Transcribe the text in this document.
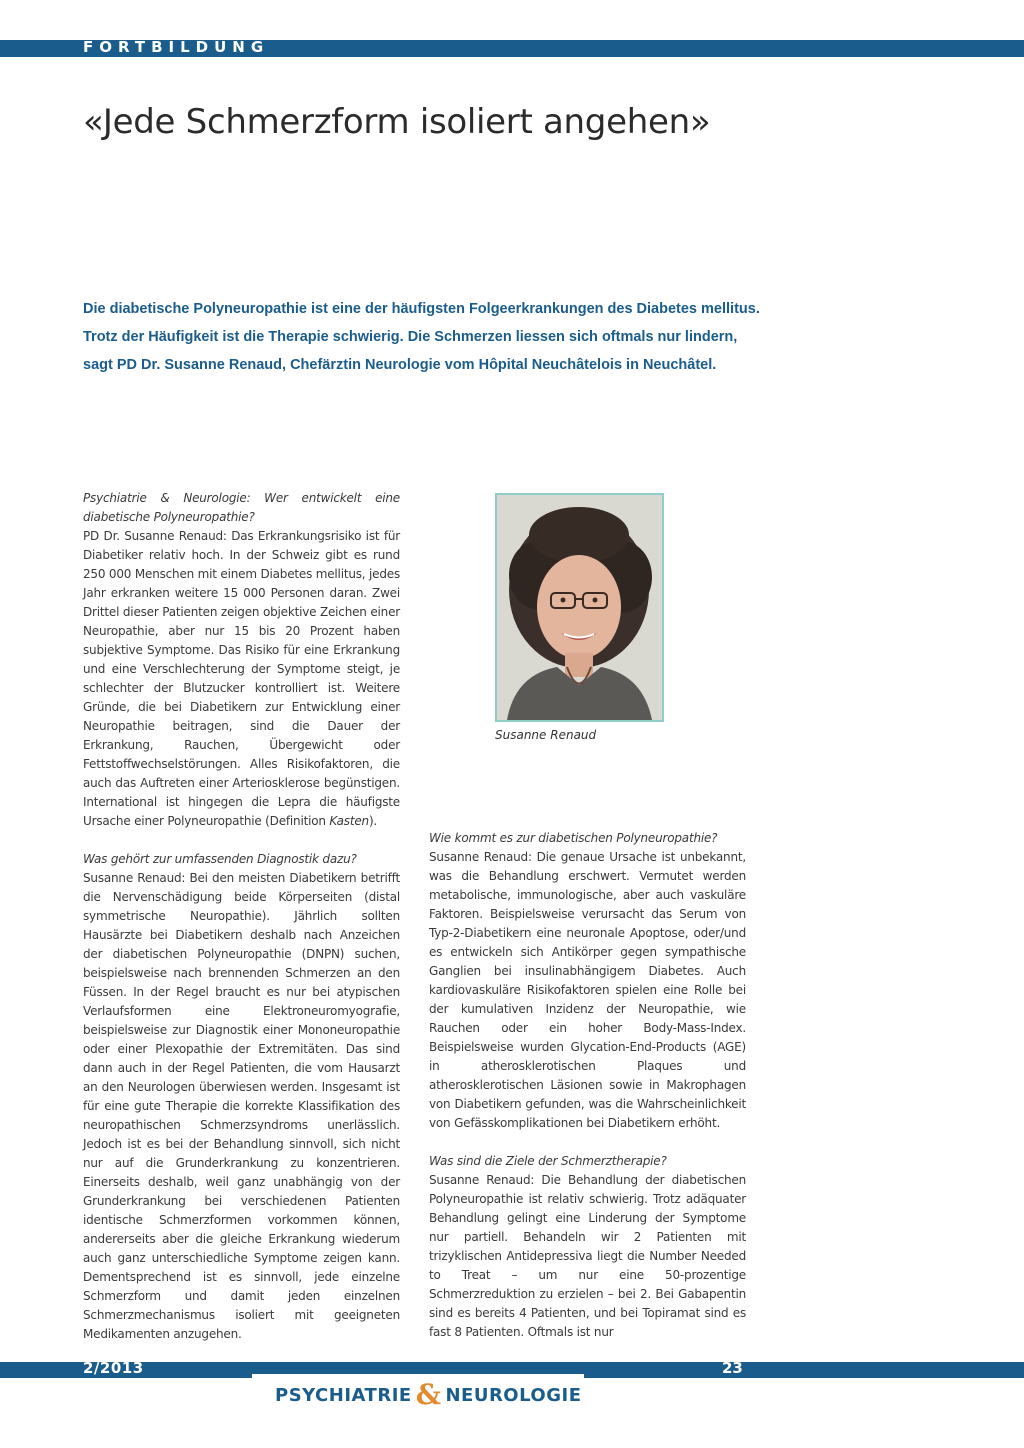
FORTBILDUNG
«Jede Schmerzform isoliert angehen»

Die diabetische Polyneuropathie ist eine der häufigsten Folgeerkrankungen des Diabetes mellitus. Trotz der Häufigkeit ist die Therapie schwierig. Die Schmerzen liessen sich oftmals nur lindern, sagt PD Dr. Susanne Renaud, Chefärztin Neurologie vom Hôpital Neuchâtelois in Neuchâtel.

Psychiatrie & Neurologie: Wer entwickelt eine diabetische Polyneuropathie?

PD Dr. Susanne Renaud: Das Erkrankungsrisiko ist für Diabetiker relativ hoch. In der Schweiz gibt es rund 250 000 Menschen mit einem Diabetes mellitus, jedes Jahr erkranken weitere 15 000 Personen daran. Zwei Drittel dieser Patienten zeigen objektive Zeichen einer Neuropathie, aber nur 15 bis 20 Prozent haben subjektive Symptome. Das Risiko für eine Erkrankung und eine Verschlechterung der Symptome steigt, je schlechter der Blutzucker kontrolliert ist. Weitere Gründe, die bei Diabetikern zur Entwicklung einer Neuropathie beitragen, sind die Dauer der Erkrankung, Rauchen, Übergewicht oder Fettstoffwechselstörungen. Alles Risikofaktoren, die auch das Auftreten einer Arteriosklerose begünstigen. International ist hingegen die Lepra die häufigste Ursache einer Polyneuropathie (Definition Kasten).

Was gehört zur umfassenden Diagnostik dazu?

Susanne Renaud: Bei den meisten Diabetikern betrifft die Nervenschädigung beide Körperseiten (distal symmetrische Neuropathie). Jährlich sollten Hausärzte bei Diabetikern deshalb nach Anzeichen der diabetischen Polyneuropathie (DNPN) suchen, beispielsweise nach brennenden Schmerzen an den Füssen. In der Regel braucht es nur bei atypischen Verlaufsformen eine Elektroneuromyografie, beispielsweise zur Diagnostik einer Mononeuropathie oder einer Plexopathie der Extremitäten. Das sind dann auch in der Regel Patienten, die vom Hausarzt an den Neurologen überwiesen werden. Insgesamt ist für eine gute Therapie die korrekte Klassifikation des neuropathischen Schmerzsyndroms unerlässlich. Jedoch ist es bei der Behandlung sinnvoll, sich nicht nur auf die Grunderkrankung zu konzentrieren. Einerseits deshalb, weil ganz unabhängig von der Grunderkrankung bei verschiedenen Patienten identische Schmerzformen vorkommen können, andererseits aber die gleiche Erkrankung wiederum auch ganz unterschiedliche Symptome zeigen kann. Dementsprechend ist es sinnvoll, jede einzelne Schmerzform und damit jeden einzelnen Schmerzmechanismus isoliert mit geeigneten Medikamenten anzugehen.

Susanne Renaud

Wie kommt es zur diabetischen Polyneuropathie?

Susanne Renaud: Die genaue Ursache ist unbekannt, was die Behandlung erschwert. Vermutet werden metabolische, immunologische, aber auch vaskuläre Faktoren. Beispielsweise verursacht das Serum von Typ-2-Diabetikern eine neuronale Apoptose, oder/und es entwickeln sich Antikörper gegen sympathische Ganglien bei insulinabhängigem Diabetes. Auch kardiovaskuläre Risikofaktoren spielen eine Rolle bei der kumulativen Inzidenz der Neuropathie, wie Rauchen oder ein hoher Body-Mass-Index. Beispielsweise wurden Glycation-End-Products (AGE) in atherosklerotischen Plaques und atherosklerotischen Läsionen sowie in Makrophagen von Diabetikern gefunden, was die Wahrscheinlichkeit von Gefässkomplikationen bei Diabetikern erhöht.

Was sind die Ziele der Schmerztherapie?

Susanne Renaud: Die Behandlung der diabetischen Polyneuropathie ist relativ schwierig. Trotz adäquater Behandlung gelingt eine Linderung der Symptome nur partiell. Behandeln wir 2 Patienten mit trizyklischen Antidepressiva liegt die Number Needed to Treat – um nur eine 50-prozentige Schmerzreduktion zu erzielen – bei 2. Bei Gabapentin sind es bereits 4 Patienten, und bei Topiramat sind es fast 8 Patienten. Oftmals ist nur

2/2013	23
PSYCHIATRIE & NEUROLOGIE
